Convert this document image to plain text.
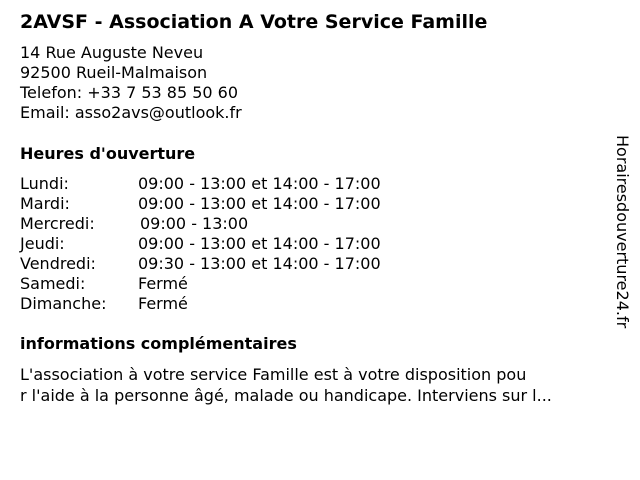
2AVSF - Association A Votre Service Famille
14 Rue Auguste Neveu
92500 Rueil-Malmaison
Telefon: +33 7 53 85 50 60
Email: asso2avs@outlook.fr
Heures d'ouverture
Lundi:	09:00 - 13:00 et 14:00 - 17:00
Mardi:	09:00 - 13:00 et 14:00 - 17:00
Mercredi:	09:00 - 13:00
Jeudi:	09:00 - 13:00 et 14:00 - 17:00
Vendredi:	09:30 - 13:00 et 14:00 - 17:00
Samedi:	Fermé
Dimanche: Fermé
informations complémentaires

L'association à votre service Famille est à votre disposition pou
r l'aide à la personne âgé, malade ou handicape. Interviens sur l...

Horairesdouverture24.fr
